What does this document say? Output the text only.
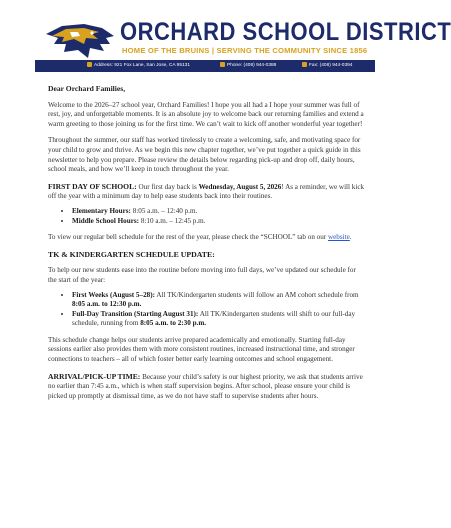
ORCHARD SCHOOL DISTRICT
HOME OF THE BRUINS | SERVING THE COMMUNITY SINCE 1856
Address: 921 Fox Lane, San Jose, CA 95131	Phone: (408) 944-0388	Fax: (408) 944-0394

Dear Orchard Families,

Welcome to the 2026–27 school year, Orchard Families! I hope you all had a I hope your summer was full of rest, joy, and unforgettable moments. It is an absolute joy to welcome back our returning families and extend a warm greeting to those joining us for the first time. We can’t wait to kick off another wonderful year together!

Throughout the summer, our staff has worked tirelessly to create a welcoming, safe, and motivating space for your child to grow and thrive. As we begin this new chapter together, we’ve put together a quick guide in this newsletter to help you prepare. Please review the details below regarding pick-up and drop off, daily hours, school meals, and how we’ll keep in touch throughout the year.

FIRST DAY OF SCHOOL: Our first day back is Wednesday, August 5, 2026! As a reminder, we will kick off the year with a minimum day to help ease students back into their routines.

• Elementary Hours: 8:05 a.m. – 12:40 p.m.
• Middle School Hours: 8:10 a.m. – 12:45 p.m.

To view our regular bell schedule for the rest of the year, please check the “SCHOOL” tab on our website.

TK & KINDERGARTEN SCHEDULE UPDATE:

To help our new students ease into the routine before moving into full days, we’ve updated our schedule for the start of the year:

• First Weeks (August 5–28): All TK/Kindergarten students will follow an AM cohort schedule from 8:05 a.m. to 12:30 p.m.
• Full-Day Transition (Starting August 31): All TK/Kindergarten students will shift to our full-day schedule, running from 8:05 a.m. to 2:30 p.m.

This schedule change helps our students arrive prepared academically and emotionally. Starting full-day sessions earlier also provides them with more consistent routines, increased instructional time, and stronger connections to teachers – all of which foster better early learning outcomes and school engagement.

ARRIVAL/PICK-UP TIME: Because your child’s safety is our highest priority, we ask that students arrive no earlier than 7:45 a.m., which is when staff supervision begins. After school, please ensure your child is picked up promptly at dismissal time, as we do not have staff to supervise students after hours.
